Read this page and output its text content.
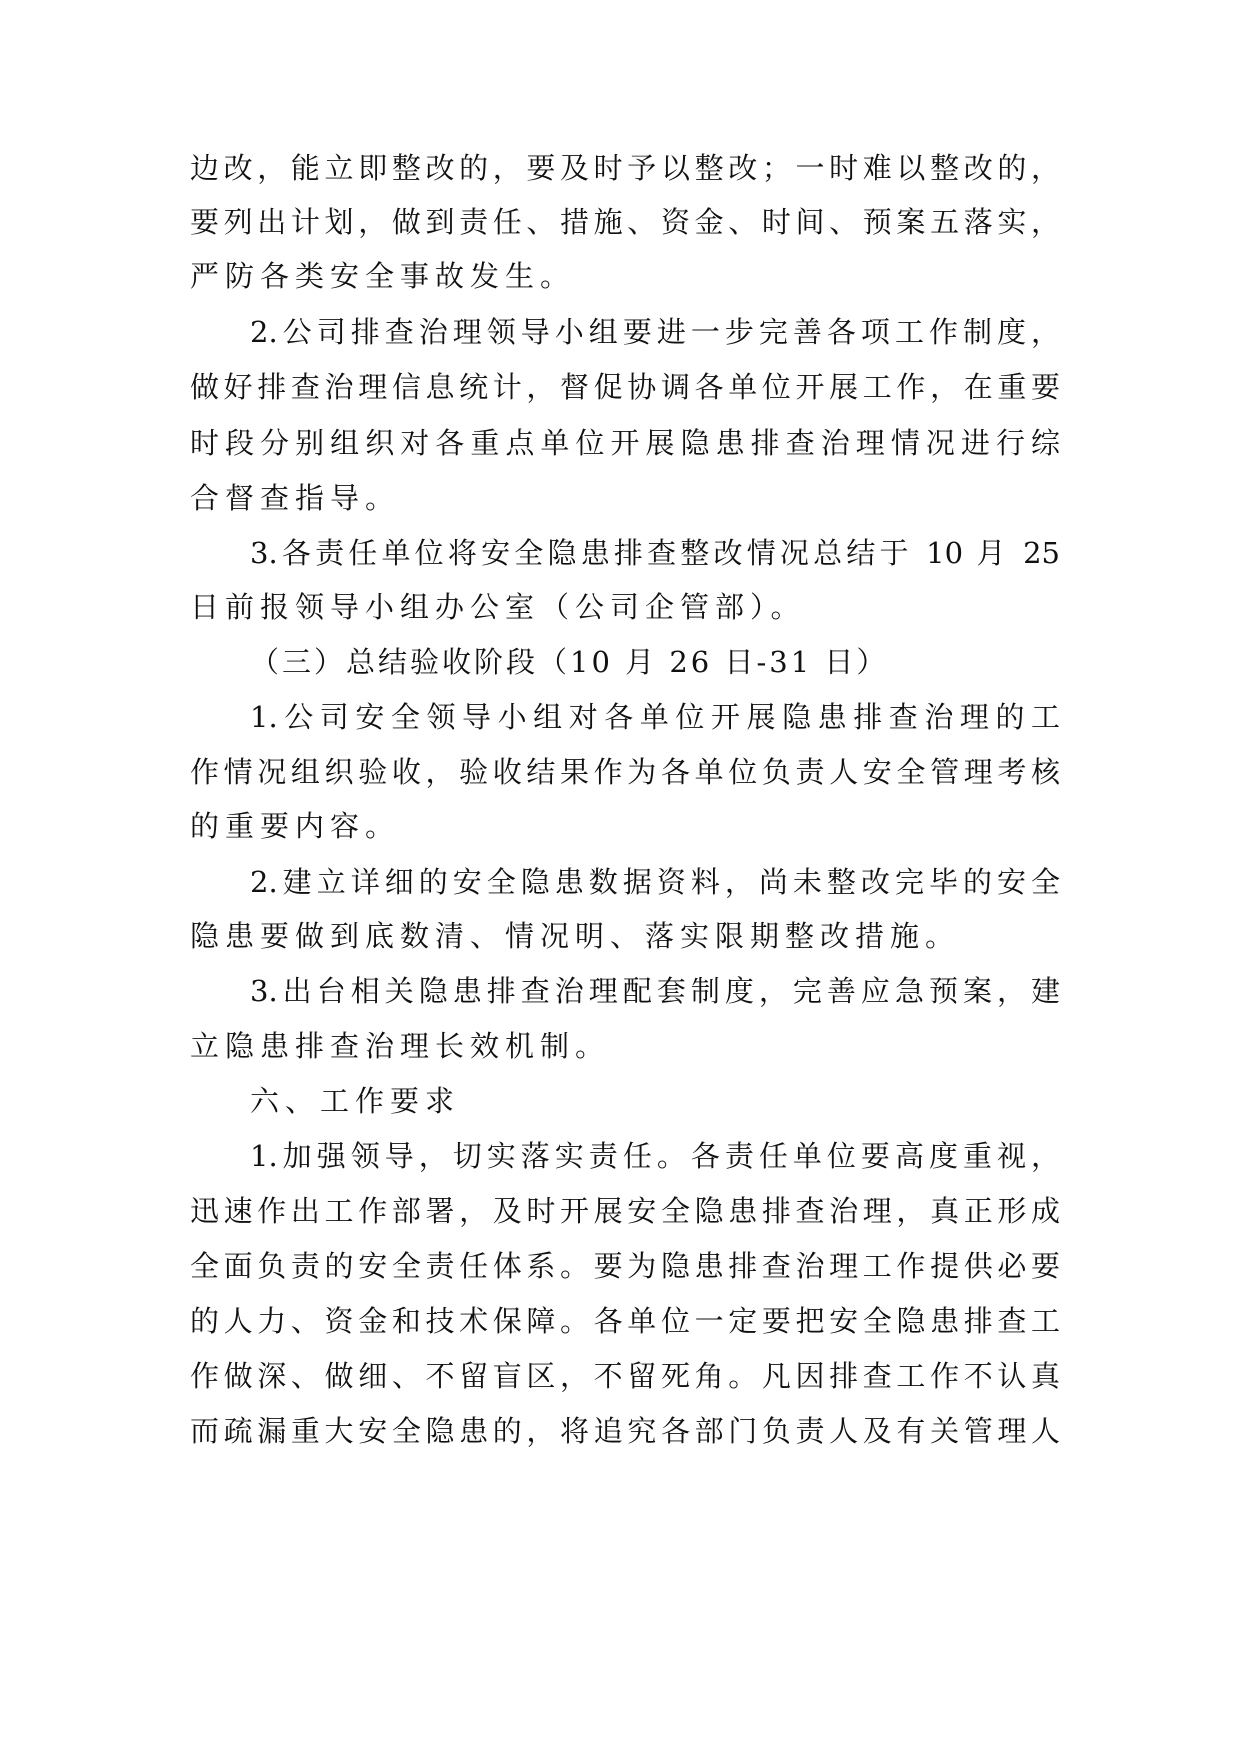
边改，能立即整改的，要及时予以整改；一时难以整改的，
要列出计划，做到责任、措施、资金、时间、预案五落实，
严防各类安全事故发生。
2.公司排查治理领导小组要进一步完善各项工作制度，
做好排查治理信息统计，督促协调各单位开展工作，在重要
时段分别组织对各重点单位开展隐患排查治理情况进行综
合督查指导。
3.各责任单位将安全隐患排查整改情况总结于 10 月 25
日前报领导小组办公室（公司企管部）。
（三）总结验收阶段（10 月 26 日-31 日）
1.公司安全领导小组对各单位开展隐患排查治理的工
作情况组织验收，验收结果作为各单位负责人安全管理考核
的重要内容。
2.建立详细的安全隐患数据资料，尚未整改完毕的安全
隐患要做到底数清、情况明、落实限期整改措施。
3.出台相关隐患排查治理配套制度，完善应急预案，建
立隐患排查治理长效机制。
六、工作要求
1.加强领导，切实落实责任。各责任单位要高度重视，
迅速作出工作部署，及时开展安全隐患排查治理，真正形成
全面负责的安全责任体系。要为隐患排查治理工作提供必要
的人力、资金和技术保障。各单位一定要把安全隐患排查工
作做深、做细、不留盲区，不留死角。凡因排查工作不认真
而疏漏重大安全隐患的，将追究各部门负责人及有关管理人
